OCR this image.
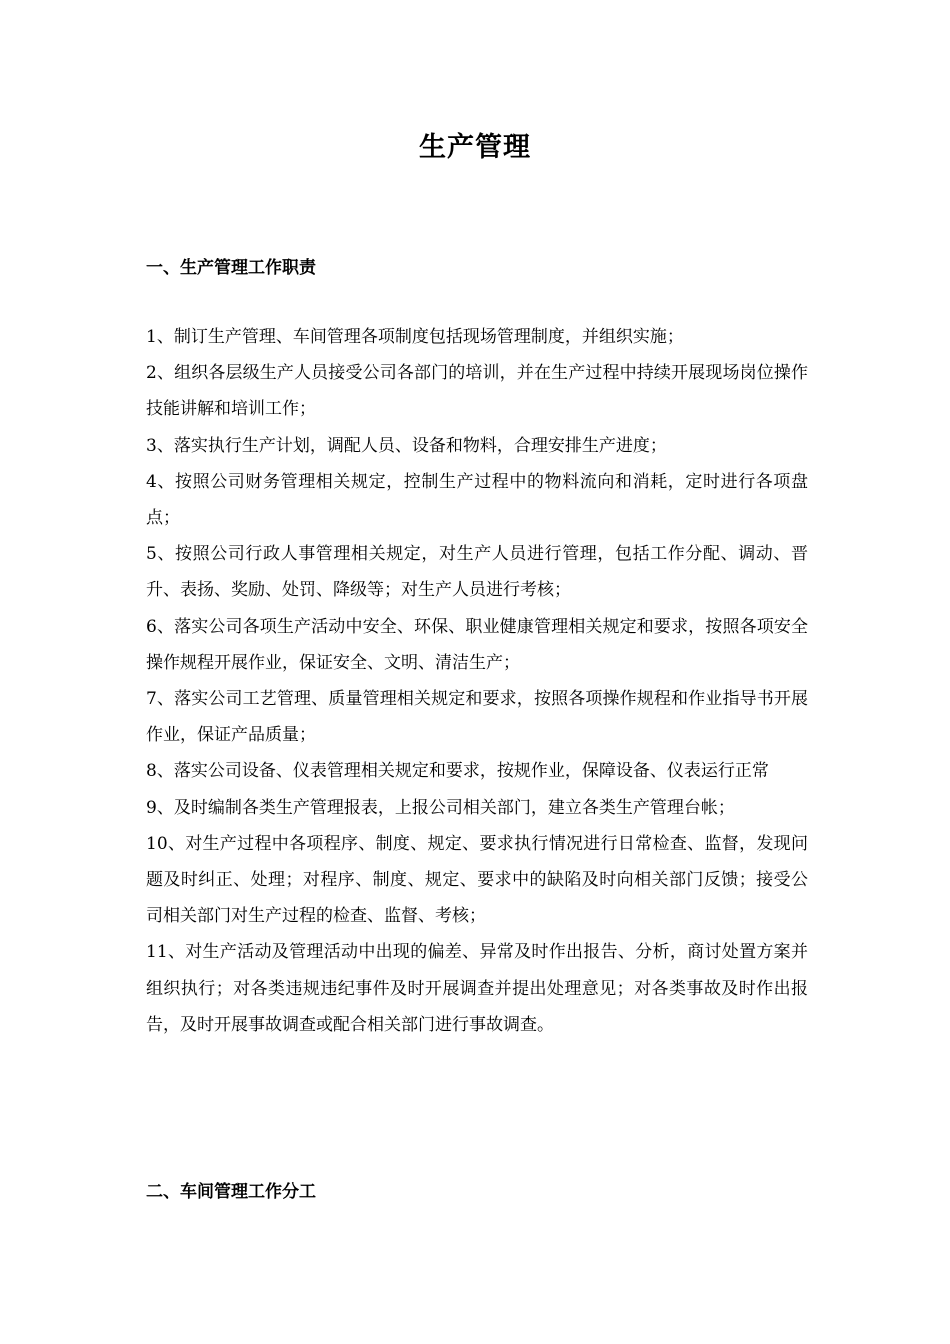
生产管理
一、生产管理工作职责

1、制订生产管理、车间管理各项制度包括现场管理制度，并组织实施；

2、组织各层级生产人员接受公司各部门的培训，并在生产过程中持续开展现场岗位操作技能讲解和培训工作；

3、落实执行生产计划，调配人员、设备和物料，合理安排生产进度；

4、按照公司财务管理相关规定，控制生产过程中的物料流向和消耗，定时进行各项盘点；

5、按照公司行政人事管理相关规定，对生产人员进行管理，包括工作分配、调动、晋升、表扬、奖励、处罚、降级等；对生产人员进行考核；

6、落实公司各项生产活动中安全、环保、职业健康管理相关规定和要求，按照各项安全操作规程开展作业，保证安全、文明、清洁生产；

7、落实公司工艺管理、质量管理相关规定和要求，按照各项操作规程和作业指导书开展作业，保证产品质量；

8、落实公司设备、仪表管理相关规定和要求，按规作业，保障设备、仪表运行正常

9、及时编制各类生产管理报表，上报公司相关部门，建立各类生产管理台帐；

10、对生产过程中各项程序、制度、规定、要求执行情况进行日常检查、监督，发现问题及时纠正、处理；对程序、制度、规定、要求中的缺陷及时向相关部门反馈；接受公司相关部门对生产过程的检查、监督、考核；

11、对生产活动及管理活动中出现的偏差、异常及时作出报告、分析，商讨处置方案并组织执行；对各类违规违纪事件及时开展调查并提出处理意见；对各类事故及时作出报告，及时开展事故调查或配合相关部门进行事故调查。

二、车间管理工作分工
